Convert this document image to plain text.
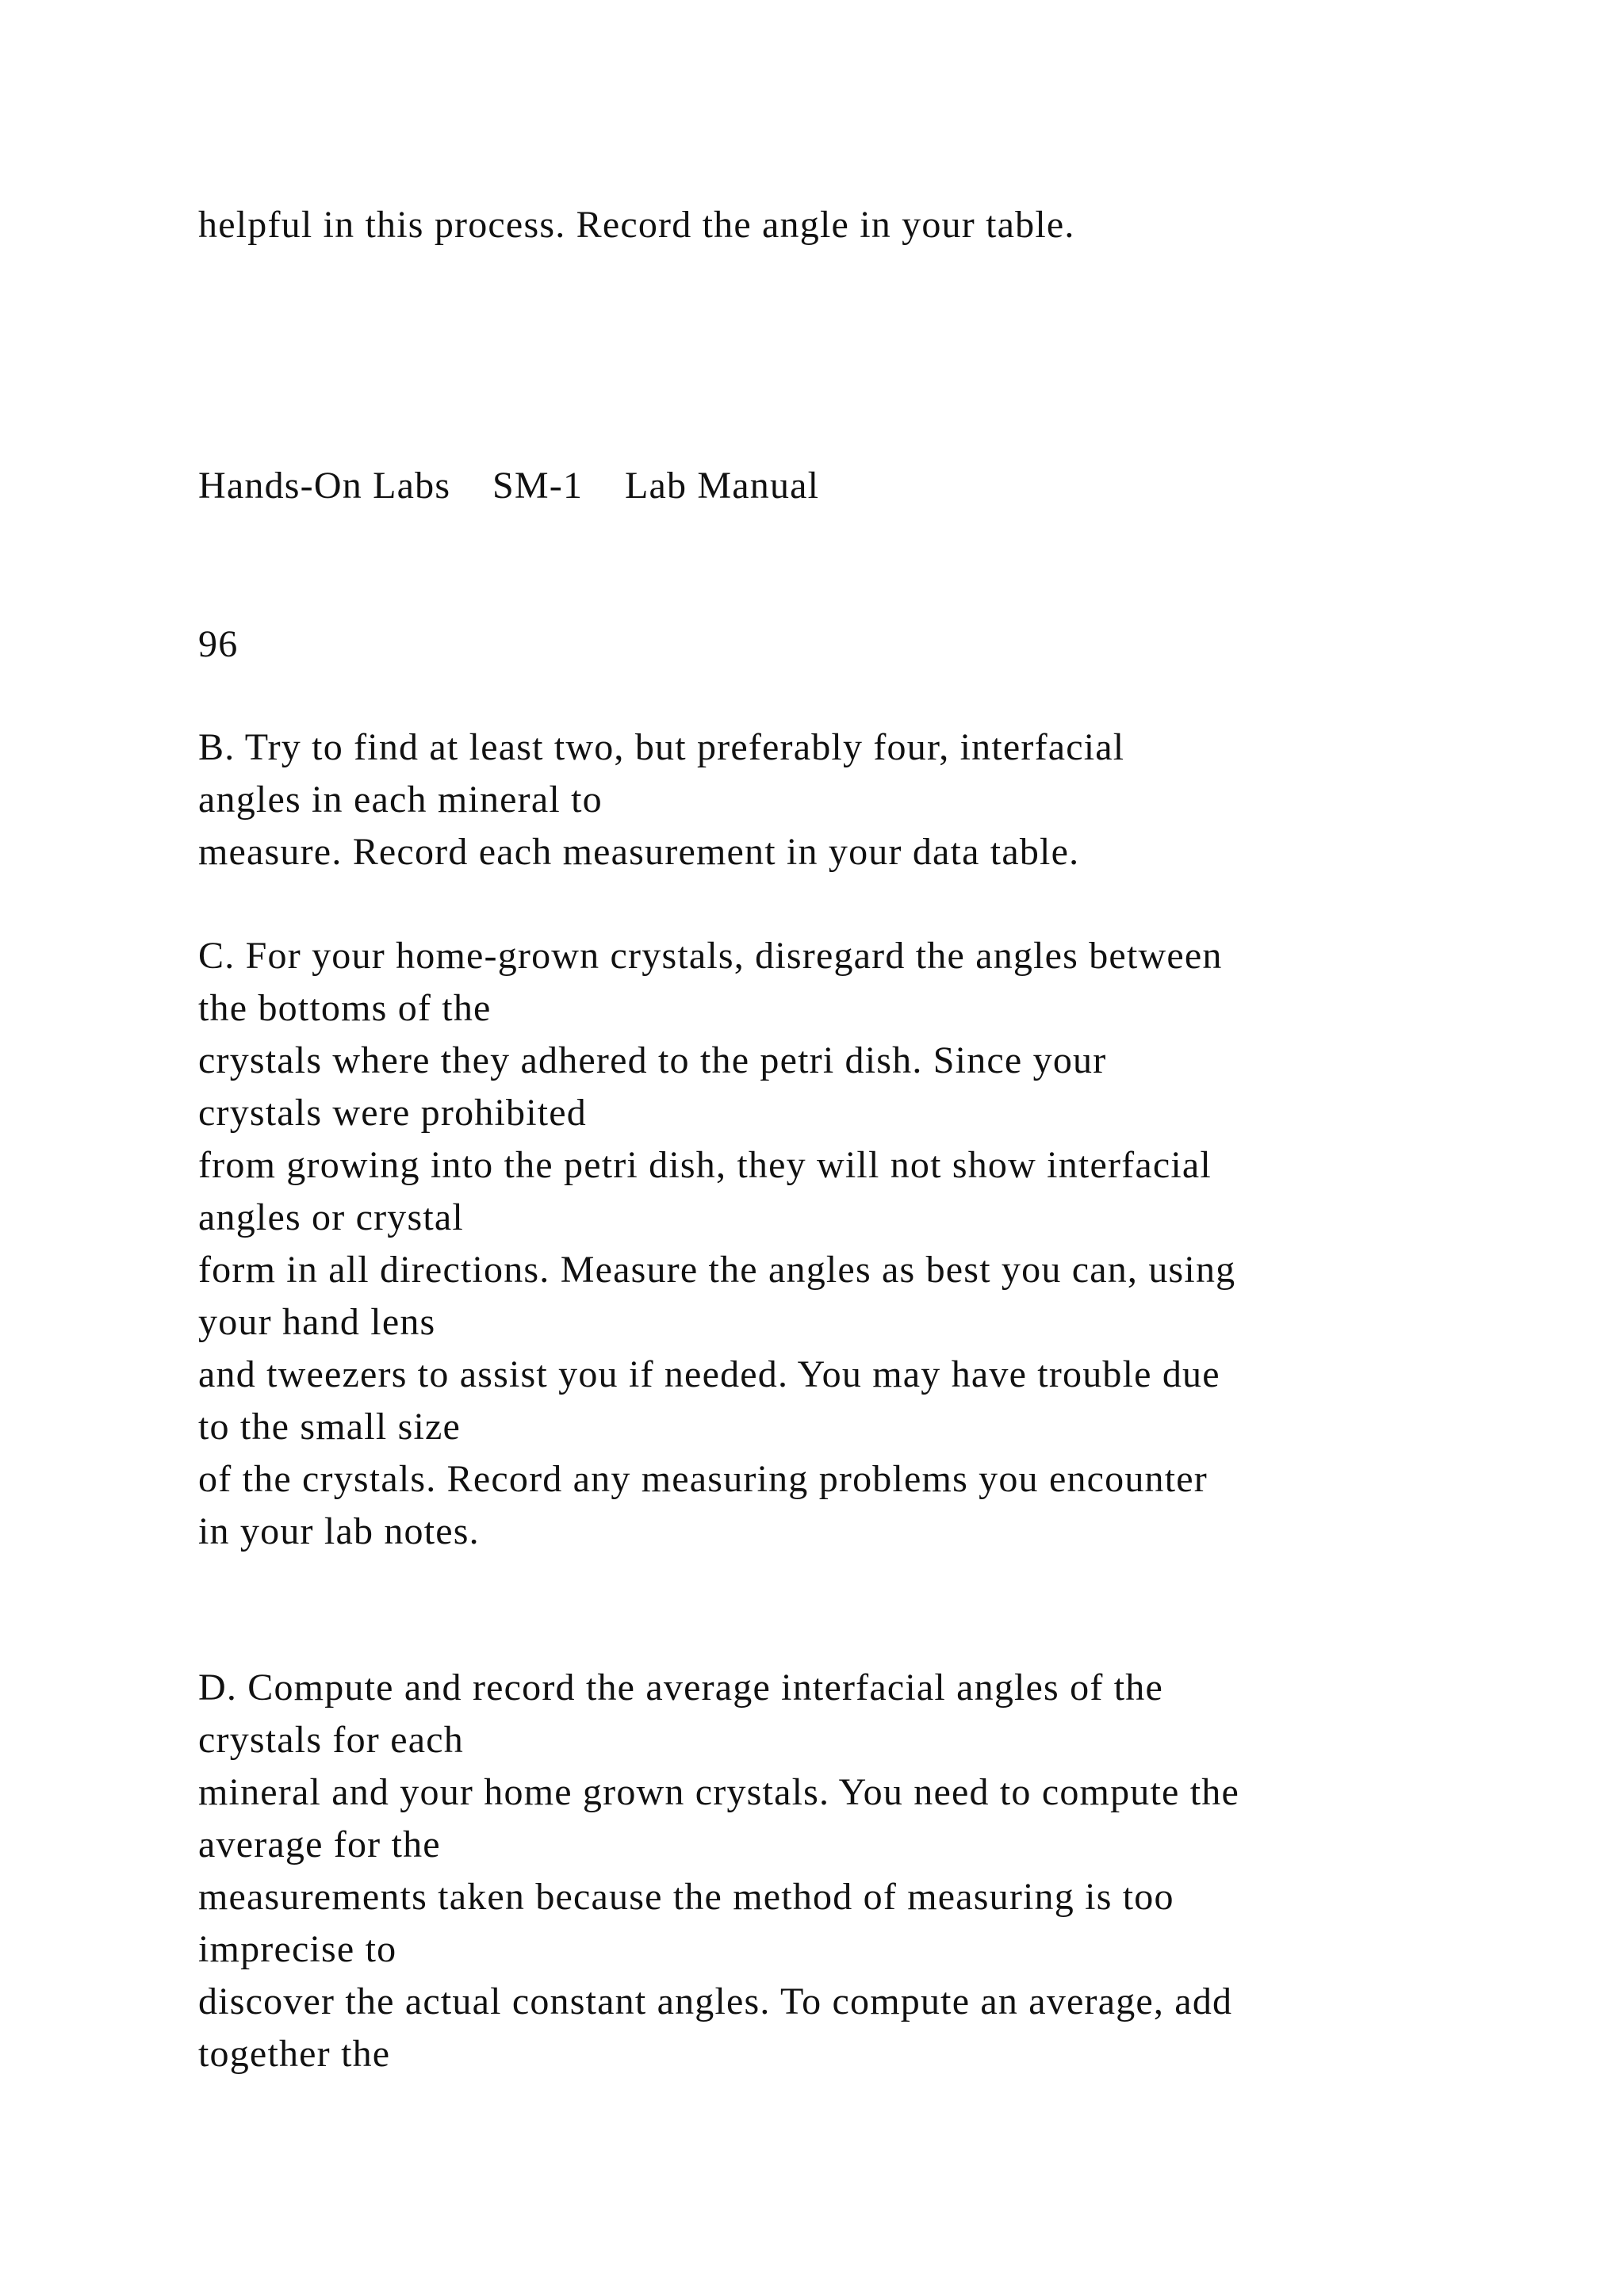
helpful in this process. Record the angle in your table.
Hands-On Labs    SM-1    Lab Manual
96
B. Try to find at least two, but preferably four, interfacial
angles in each mineral to
measure. Record each measurement in your data table.
C. For your home-grown crystals, disregard the angles between
the bottoms of the
crystals where they adhered to the petri dish. Since your
crystals were prohibited
from growing into the petri dish, they will not show interfacial
angles or crystal
form in all directions. Measure the angles as best you can, using
your hand lens
and tweezers to assist you if needed. You may have trouble due
to the small size
of the crystals. Record any measuring problems you encounter
in your lab notes.
D. Compute and record the average interfacial angles of the
crystals for each
mineral and your home grown crystals. You need to compute the
average for the
measurements taken because the method of measuring is too
imprecise to
discover the actual constant angles. To compute an average, add
together the
